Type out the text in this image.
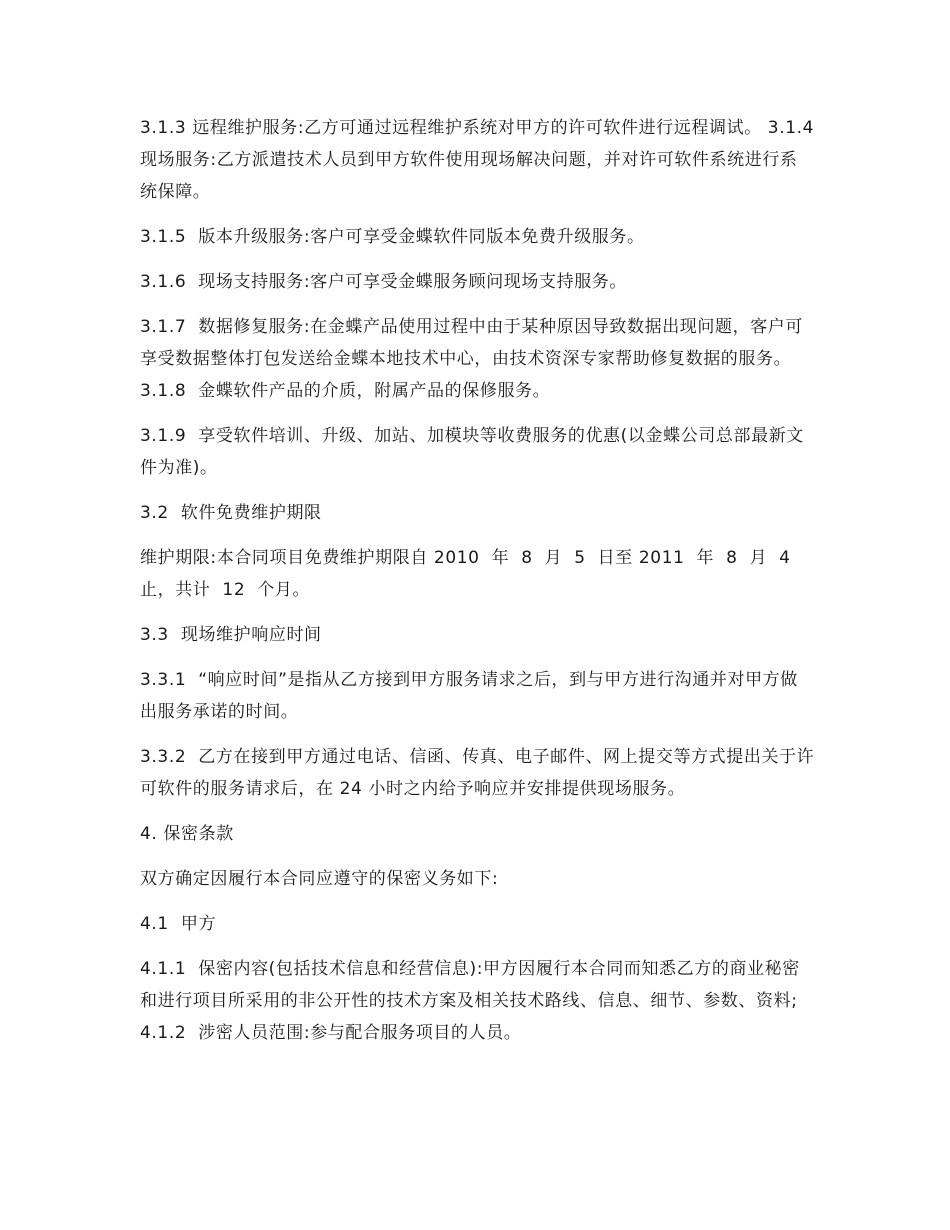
3.1.3 远程维护服务:乙方可通过远程维护系统对甲方的许可软件进行远程调试。 3.1.4 现场服务:乙方派遣技术人员到甲方软件使用现场解决问题，并对许可软件系统进行系统保障。

3.1.5  版本升级服务:客户可享受金蝶软件同版本免费升级服务。

3.1.6  现场支持服务:客户可享受金蝶服务顾问现场支持服务。

3.1.7  数据修复服务:在金蝶产品使用过程中由于某种原因导致数据出现问题，客户可享受数据整体打包发送给金蝶本地技术中心，由技术资深专家帮助修复数据的服务。  3.1.8  金蝶软件产品的介质，附属产品的保修服务。

3.1.9  享受软件培训、升级、加站、加模块等收费服务的优惠(以金蝶公司总部最新文件为准)。

3.2  软件免费维护期限

维护期限:本合同项目免费维护期限自 2010  年  8  月  5  日至 2011  年  8  月  4 止，共计  12  个月。

3.3  现场维护响应时间

3.3.1  “响应时间”是指从乙方接到甲方服务请求之后，到与甲方进行沟通并对甲方做出服务承诺的时间。

3.3.2  乙方在接到甲方通过电话、信函、传真、电子邮件、网上提交等方式提出关于许可软件的服务请求后，在 24 小时之内给予响应并安排提供现场服务。

4. 保密条款

双方确定因履行本合同应遵守的保密义务如下:

4.1  甲方

4.1.1  保密内容(包括技术信息和经营信息):甲方因履行本合同而知悉乙方的商业秘密和进行项目所采用的非公开性的技术方案及相关技术路线、信息、细节、参数、资料; 4.1.2  涉密人员范围:参与配合服务项目的人员。
